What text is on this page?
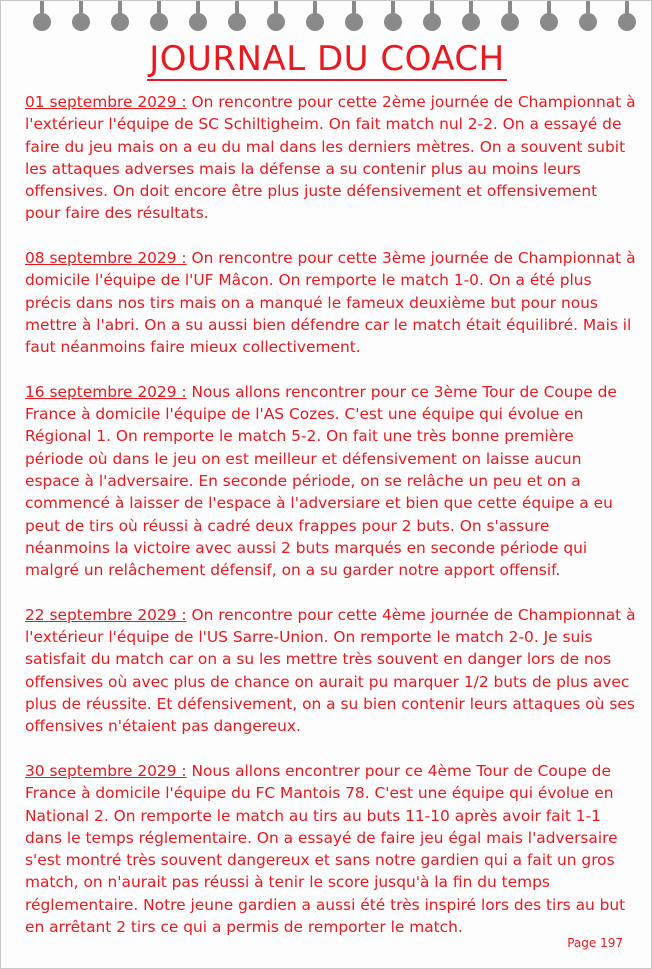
JOURNAL DU COACH

01 septembre 2029 : On rencontre pour cette 2ème journée de Championnat à l'extérieur l'équipe de SC Schiltigheim. On fait match nul 2-2. On a essayé de faire du jeu mais on a eu du mal dans les derniers mètres. On a souvent subit les attaques adverses mais la défense a su contenir plus au moins leurs offensives. On doit encore être plus juste défensivement et offensivement pour faire des résultats.

08 septembre 2029 : On rencontre pour cette 3ème journée de Championnat à domicile l'équipe de l'UF Mâcon. On remporte le match 1-0. On a été plus précis dans nos tirs mais on a manqué le fameux deuxième but pour nous mettre à l'abri. On a su aussi bien défendre car le match était équilibré. Mais il faut néanmoins faire mieux collectivement.

16 septembre 2029 : Nous allons rencontrer pour ce 3ème Tour de Coupe de France à domicile l'équipe de l'AS Cozes. C'est une équipe qui évolue en Régional 1. On remporte le match 5-2. On fait une très bonne première période où dans le jeu on est meilleur et défensivement on laisse aucun espace à l'adversaire. En seconde période, on se relâche un peu et on a commencé à laisser de l'espace à l'adversiare et bien que cette équipe a eu peut de tirs où réussi à cadré deux frappes pour 2 buts. On s'assure néanmoins la victoire avec aussi 2 buts marqués en seconde période qui malgré un relâchement défensif, on a su garder notre apport offensif.

22 septembre 2029 : On rencontre pour cette 4ème journée de Championnat à l'extérieur l'équipe de l'US Sarre-Union. On remporte le match 2-0. Je suis satisfait du match car on a su les mettre très souvent en danger lors de nos offensives où avec plus de chance on aurait pu marquer 1/2 buts de plus avec plus de réussite. Et défensivement, on a su bien contenir leurs attaques où ses offensives n'étaient pas dangereux.

30 septembre 2029 : Nous allons encontrer pour ce 4ème Tour de Coupe de France à domicile l'équipe du FC Mantois 78. C'est une équipe qui évolue en National 2. On remporte le match au tirs au buts 11-10 après avoir fait 1-1 dans le temps réglementaire. On a essayé de faire jeu égal mais l'adversaire s'est montré très souvent dangereux et sans notre gardien qui a fait un gros match, on n'aurait pas réussi à tenir le score jusqu'à la fin du temps réglementaire. Notre jeune gardien a aussi été très inspiré lors des tirs au but en arrêtant 2 tirs ce qui a permis de remporter le match.

Page 197
